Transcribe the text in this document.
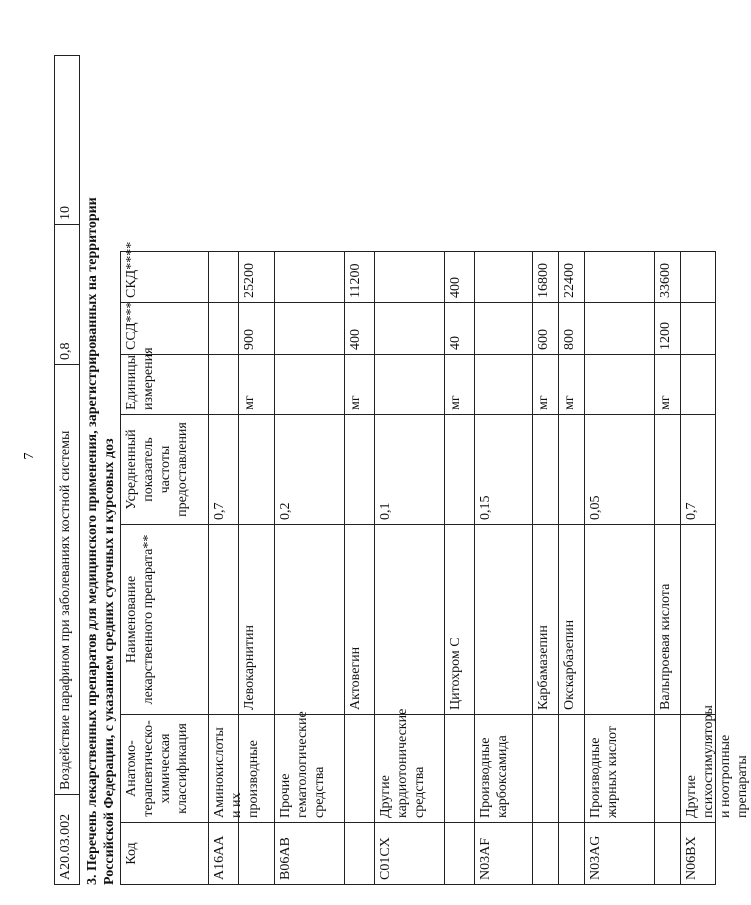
7
А20.03.002
Воздействие парафином при заболеваниях костной системы
0,8
10 3. Перечень лекарственных препаратов для медицинского применения, зарегистрированных на территории Российской Федерации, с указанием средних суточных и курсовых доз Код
Анатомо-терапевтическо-химическая классификация
Наименование лекарственного препарата**
Усредненный показатель частоты предоставления
Единицы измерения
ССД***
СКД****
A16AA
Аминокислоты и их производные
0,7
Левокарнитин
мг
900
25200
B06AB
Прочие гематологические средства
0,2
Актовегин
мг
400
11200
C01CX
Другие кардиотонические средства
0,1
Цитохром С
мг
40
400
N03AF
Производные карбоксамида
0,15
Карбамазепин
мг
600
16800
Окскарбазепин
мг
800
22400
N03AG
Производные жирных кислот
0,05
Вальпроевая кислота
мг
1200
33600
N06BX
Другие психостимуляторы и ноотропные препараты
0,7
